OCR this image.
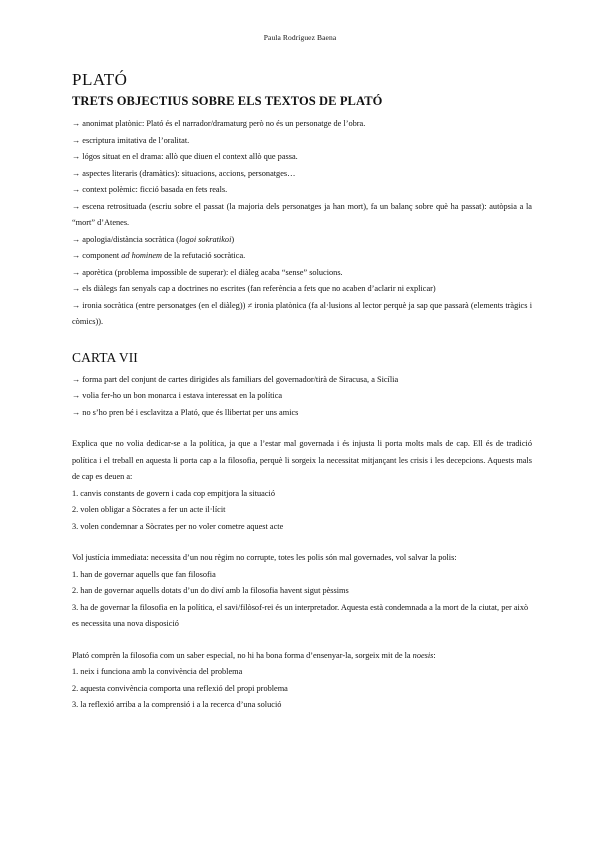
Paula Rodríguez Baena
PLATÓ
TRETS OBJECTIUS SOBRE ELS TEXTOS DE PLATÓ

→ anonimat platònic: Plató és el narrador/dramaturg però no és un personatge de l’obra.

→ escriptura imitativa de l’oralitat.

→ lógos situat en el drama: allò que diuen el context allò que passa.

→ aspectes literaris (dramàtics): situacions, accions, personatges…

→ context polèmic: ficció basada en fets reals.

→ escena retrosituada (escriu sobre el passat (la majoria dels personatges ja han mort), fa un balanç sobre què ha passat): autòpsia a la “mort” d’Atenes.

→ apologia/distància socràtica (logoi sokratikoi)

→ component ad hominem de la refutació socràtica.

→ aporètica (problema impossible de superar): el diàleg acaba “sense” solucions.

→ els diàlegs fan senyals cap a doctrines no escrites (fan referència a fets que no acaben d’aclarir ni explicar)

→ ironia socràtica (entre personatges (en el diàleg)) ≠ ironia platònica (fa al·lusions al lector perquè ja sap que passarà (elements tràgics i còmics)).

CARTA VII

→ forma part del conjunt de cartes dirigides als familiars del governador/tirà de Siracusa, a Sicília

→ volia fer-ho un bon monarca i estava interessat en la política

→ no s’ho pren bé i esclavitza a Plató, que és llibertat per uns amics

Explica que no volia dedicar-se a la política, ja que a l’estar mal governada i és injusta li porta molts mals de cap. Ell és de tradició política i el treball en aquesta li porta cap a la filosofia, perquè li sorgeix la necessitat mitjançant les crisis i les decepcions. Aquests mals de cap es deuen a:

1. canvis constants de govern i cada cop empitjora la situació

2. volen obligar a Sòcrates a fer un acte il·lícit

3. volen condemnar a Sòcrates per no voler cometre aquest acte

Vol justícia immediata: necessita d’un nou règim no corrupte, totes les polis són mal governades, vol salvar la polis:

1. han de governar aquells que fan filosofia

2. han de governar aquells dotats d’un do diví amb la filosofia havent sigut pèssims

3. ha de governar la filosofia en la política, el savi/filòsof-rei és un interpretador. Aquesta està condemnada a la mort de la ciutat, per això es necessita una nova disposició

Plató comprèn la filosofia com un saber especial, no hi ha bona forma d’ensenyar-la, sorgeix mit de la noesis:

1. neix i funciona amb la convivència del problema

2. aquesta convivència comporta una reflexió del propi problema

3. la reflexió arriba a la comprensió i a la recerca d’una solució
